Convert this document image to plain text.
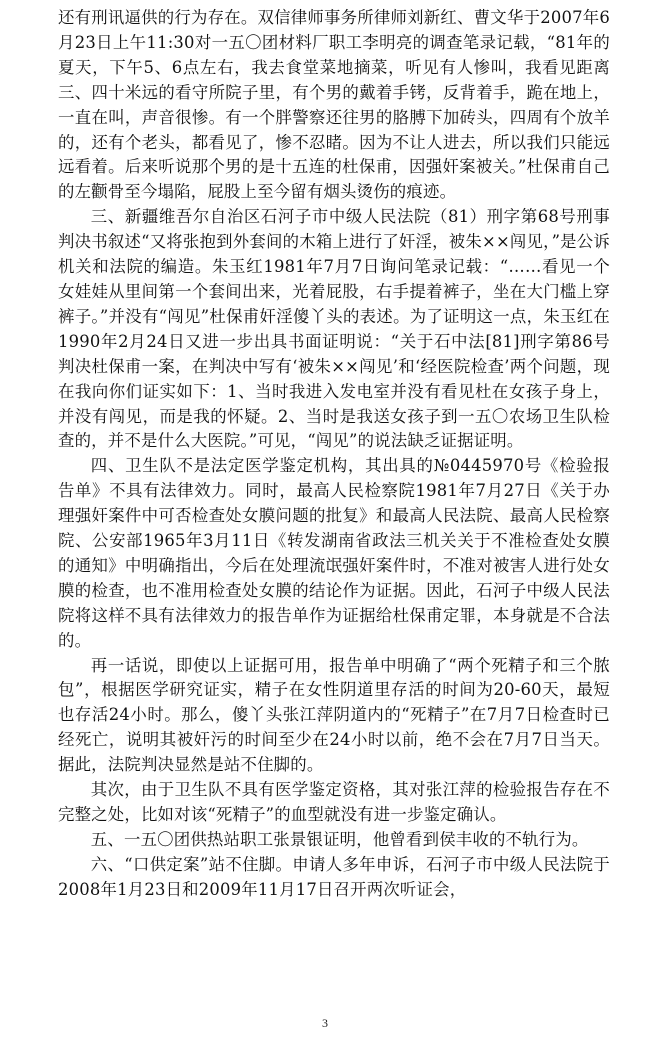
还有刑讯逼供的行为存在。双信律师事务所律师刘新红、曹文华于2007年6月23日上午11:30对一五〇团材料厂职工李明亮的调查笔录记载，“81年的夏天，下午5、6点左右，我去食堂菜地摘菜，听见有人惨叫，我看见距离三、四十米远的看守所院子里，有个男的戴着手铐，反背着手，跪在地上，一直在叫，声音很惨。有一个胖警察还往男的胳膊下加砖头，四周有个放羊的，还有个老头，都看见了，惨不忍睹。因为不让人进去，所以我们只能远远看着。后来听说那个男的是十五连的杜保甫，因强奸案被关。”杜保甫自己的左颧骨至今塌陷，屁股上至今留有烟头烫伤的痕迹。

三、新疆维吾尔自治区石河子市中级人民法院（81）刑字第68号刑事判决书叙述“又将张抱到外套间的木箱上进行了奸淫，被朱××闯见，”是公诉机关和法院的编造。朱玉红1981年7月7日询问笔录记载：“……看见一个女娃娃从里间第一个套间出来，光着屁股，右手提着裤子，坐在大门槛上穿裤子。”并没有“闯见”杜保甫奸淫傻丫头的表述。为了证明这一点，朱玉红在1990年2月24日又进一步出具书面证明说：“关于石中法[81]刑字第86号判决杜保甫一案，在判决中写有‘被朱××闯见’和‘经医院检查’两个问题，现在我向你们证实如下：1、当时我进入发电室并没有看见杜在女孩子身上，并没有闯见，而是我的怀疑。2、当时是我送女孩子到一五〇农场卫生队检查的，并不是什么大医院。”可见，“闯见”的说法缺乏证据证明。

四、卫生队不是法定医学鉴定机构，其出具的№0445970号《检验报告单》不具有法律效力。同时，最高人民检察院1981年7月27日《关于办理强奸案件中可否检查处女膜问题的批复》和最高人民法院、最高人民检察院、公安部1965年3月11日《转发湖南省政法三机关关于不准检查处女膜的通知》中明确指出，今后在处理流氓强奸案件时，不准对被害人进行处女膜的检查，也不准用检查处女膜的结论作为证据。因此，石河子中级人民法院将这样不具有法律效力的报告单作为证据给杜保甫定罪，本身就是不合法的。

再一话说，即使以上证据可用，报告单中明确了“两个死精子和三个脓包”，根据医学研究证实，精子在女性阴道里存活的时间为20-60天，最短也存活24小时。那么，傻丫头张江萍阴道内的“死精子”在7月7日检查时已经死亡，说明其被奸污的时间至少在24小时以前，绝不会在7月7日当天。据此，法院判决显然是站不住脚的。

其次，由于卫生队不具有医学鉴定资格，其对张江萍的检验报告存在不完整之处，比如对该“死精子”的血型就没有进一步鉴定确认。

五、一五〇团供热站职工张景银证明，他曾看到侯丰收的不轨行为。

六、“口供定案”站不住脚。申请人多年申诉，石河子市中级人民法院于2008年1月23日和2009年11月17日召开两次听证会，

3
